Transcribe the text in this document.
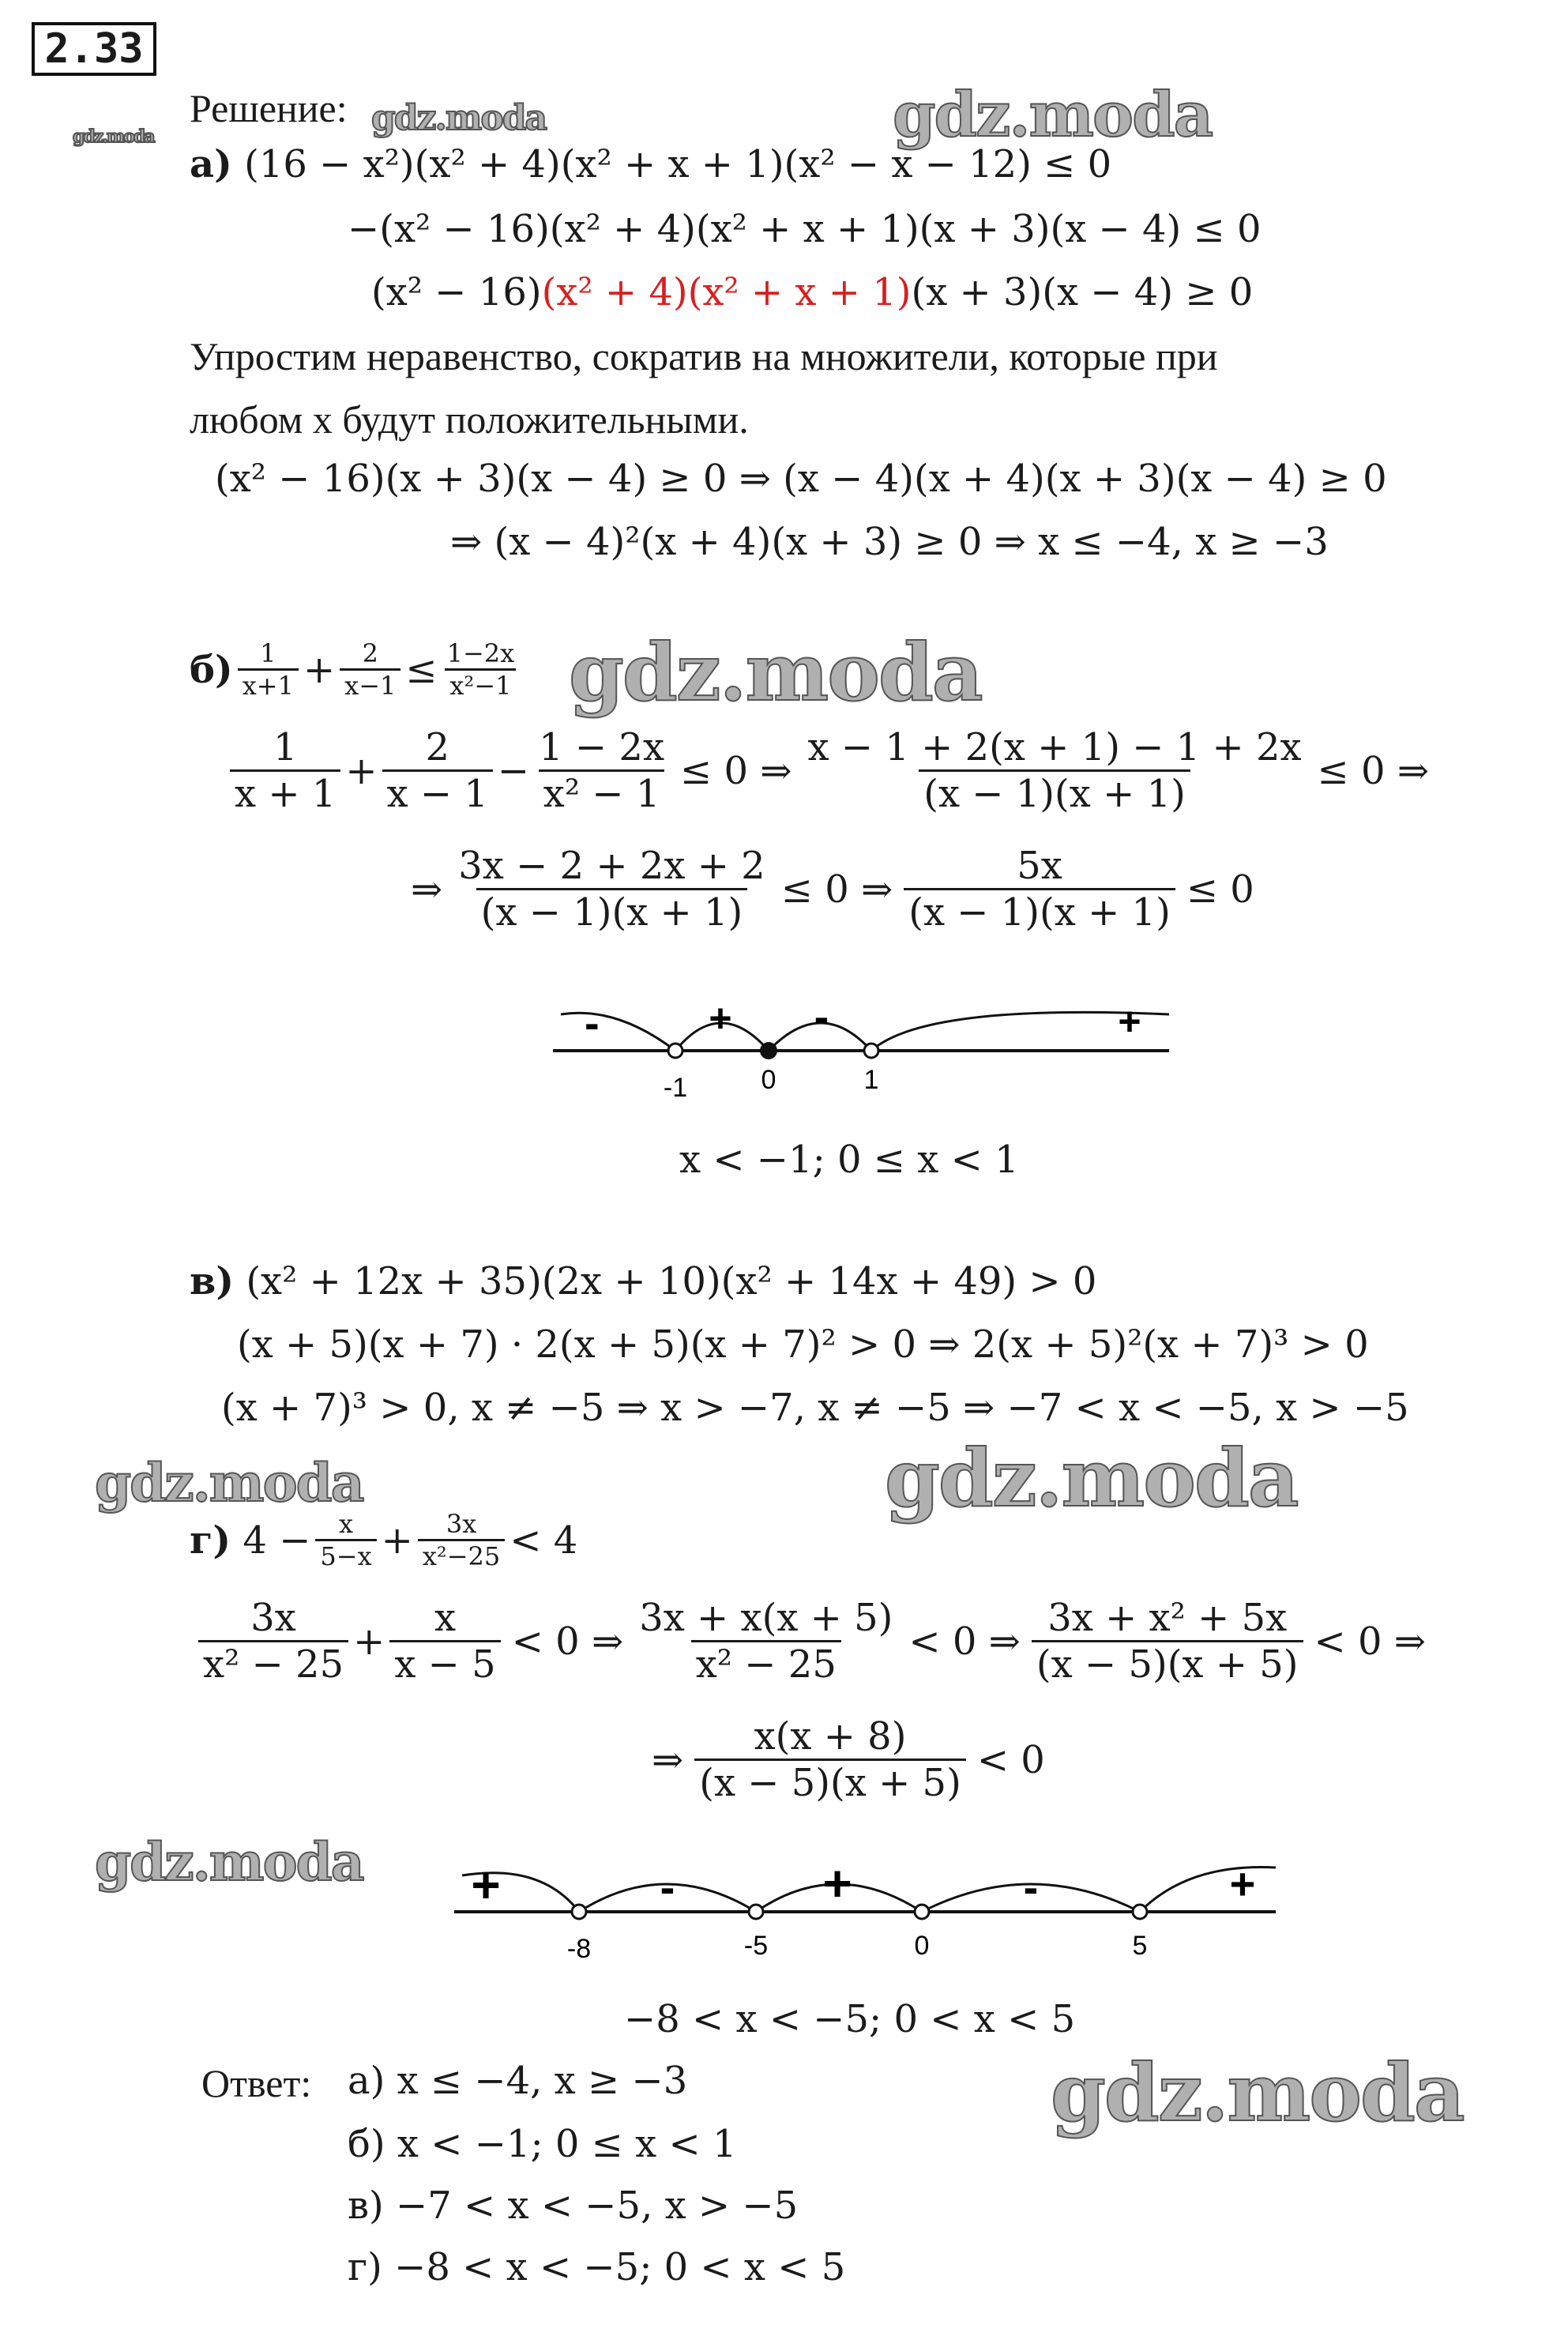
2.33
gdz.moda
Решение: gdz.moda	gdz.moda
а) (16 − x²)(x² + 4)(x² + x + 1)(x² − x − 12) ≤ 0
−(x² − 16)(x² + 4)(x² + x + 1)(x + 3)(x − 4) ≤ 0
(x² − 16)(x² + 4)(x² + x + 1)(x + 3)(x − 4) ≥ 0
Упростим неравенство, сократив на множители, которые при
любом x будут положительными.
(x² − 16)(x + 3)(x − 4) ≥ 0 ⇒ (x − 4)(x + 4)(x + 3)(x − 4) ≥ 0
⇒ (x − 4)²(x + 4)(x + 3) ≥ 0 ⇒ x ≤ −4, x ≥ −3
$б) \frac{1}{x+1} + \frac{2}{x-1} \le \frac{1-2x}{\text{x²−1}}$ gdz.moda
$\frac{1}{x + 1} + \frac{2}{x - 1} - \frac{1 - 2x}{\text{x² − 1}} \le 0$ ⇒ $\frac{x - 1 + 2(x + 1) - 1 + 2x}{(x - 1)(x + 1)} \le 0$ ⇒
⇒ $\frac{3x - 2 + 2x + 2}{(x - 1)(x + 1)} \le 0$ ⇒ $\frac{5x}{(x - 1)(x + 1)} \le 0$
-	+ -	+
-1	0	1
x < −1; 0 ≤ x < 1
в) (x² + 12x + 35)(2x + 10)(x² + 14x + 49) > 0
(x + 5)(x + 7) · 2(x + 5)(x + 7)² > 0 ⇒ 2(x + 5)²(x + 7)³ > 0
(x + 7)³ > 0, x ≠ −5 ⇒ x > −7, x ≠ −5 ⇒ −7 < x < −5, x > −5
gdz.moda	gdz.moda
г)
$4 - \frac{x}{5-x} + \frac{3x}{\text{x²−25}} < 4$
$\frac{3x}{\text{x² − 25}} + \frac{x}{x - 5} < 0$ ⇒ $\frac{3x + x(x + 5)}{\text{x² − 25}} < 0$ ⇒ $\frac{\text{3x + x² + 5x}}{(x - 5)(x + 5)} < 0$ ⇒
⇒ $\frac{x(x + 8)}{(x - 5)(x + 5)} < 0$
gdz.moda +	-	+	-	+
-8	-5	0	5
−8 < x < −5; 0 < x < 5
Ответ: а) x ≤ −4, x ≥ −3	gdz.moda
б) x < −1; 0 ≤ x < 1
в) −7 < x < −5, x > −5
г) −8 < x < −5; 0 < x < 5
